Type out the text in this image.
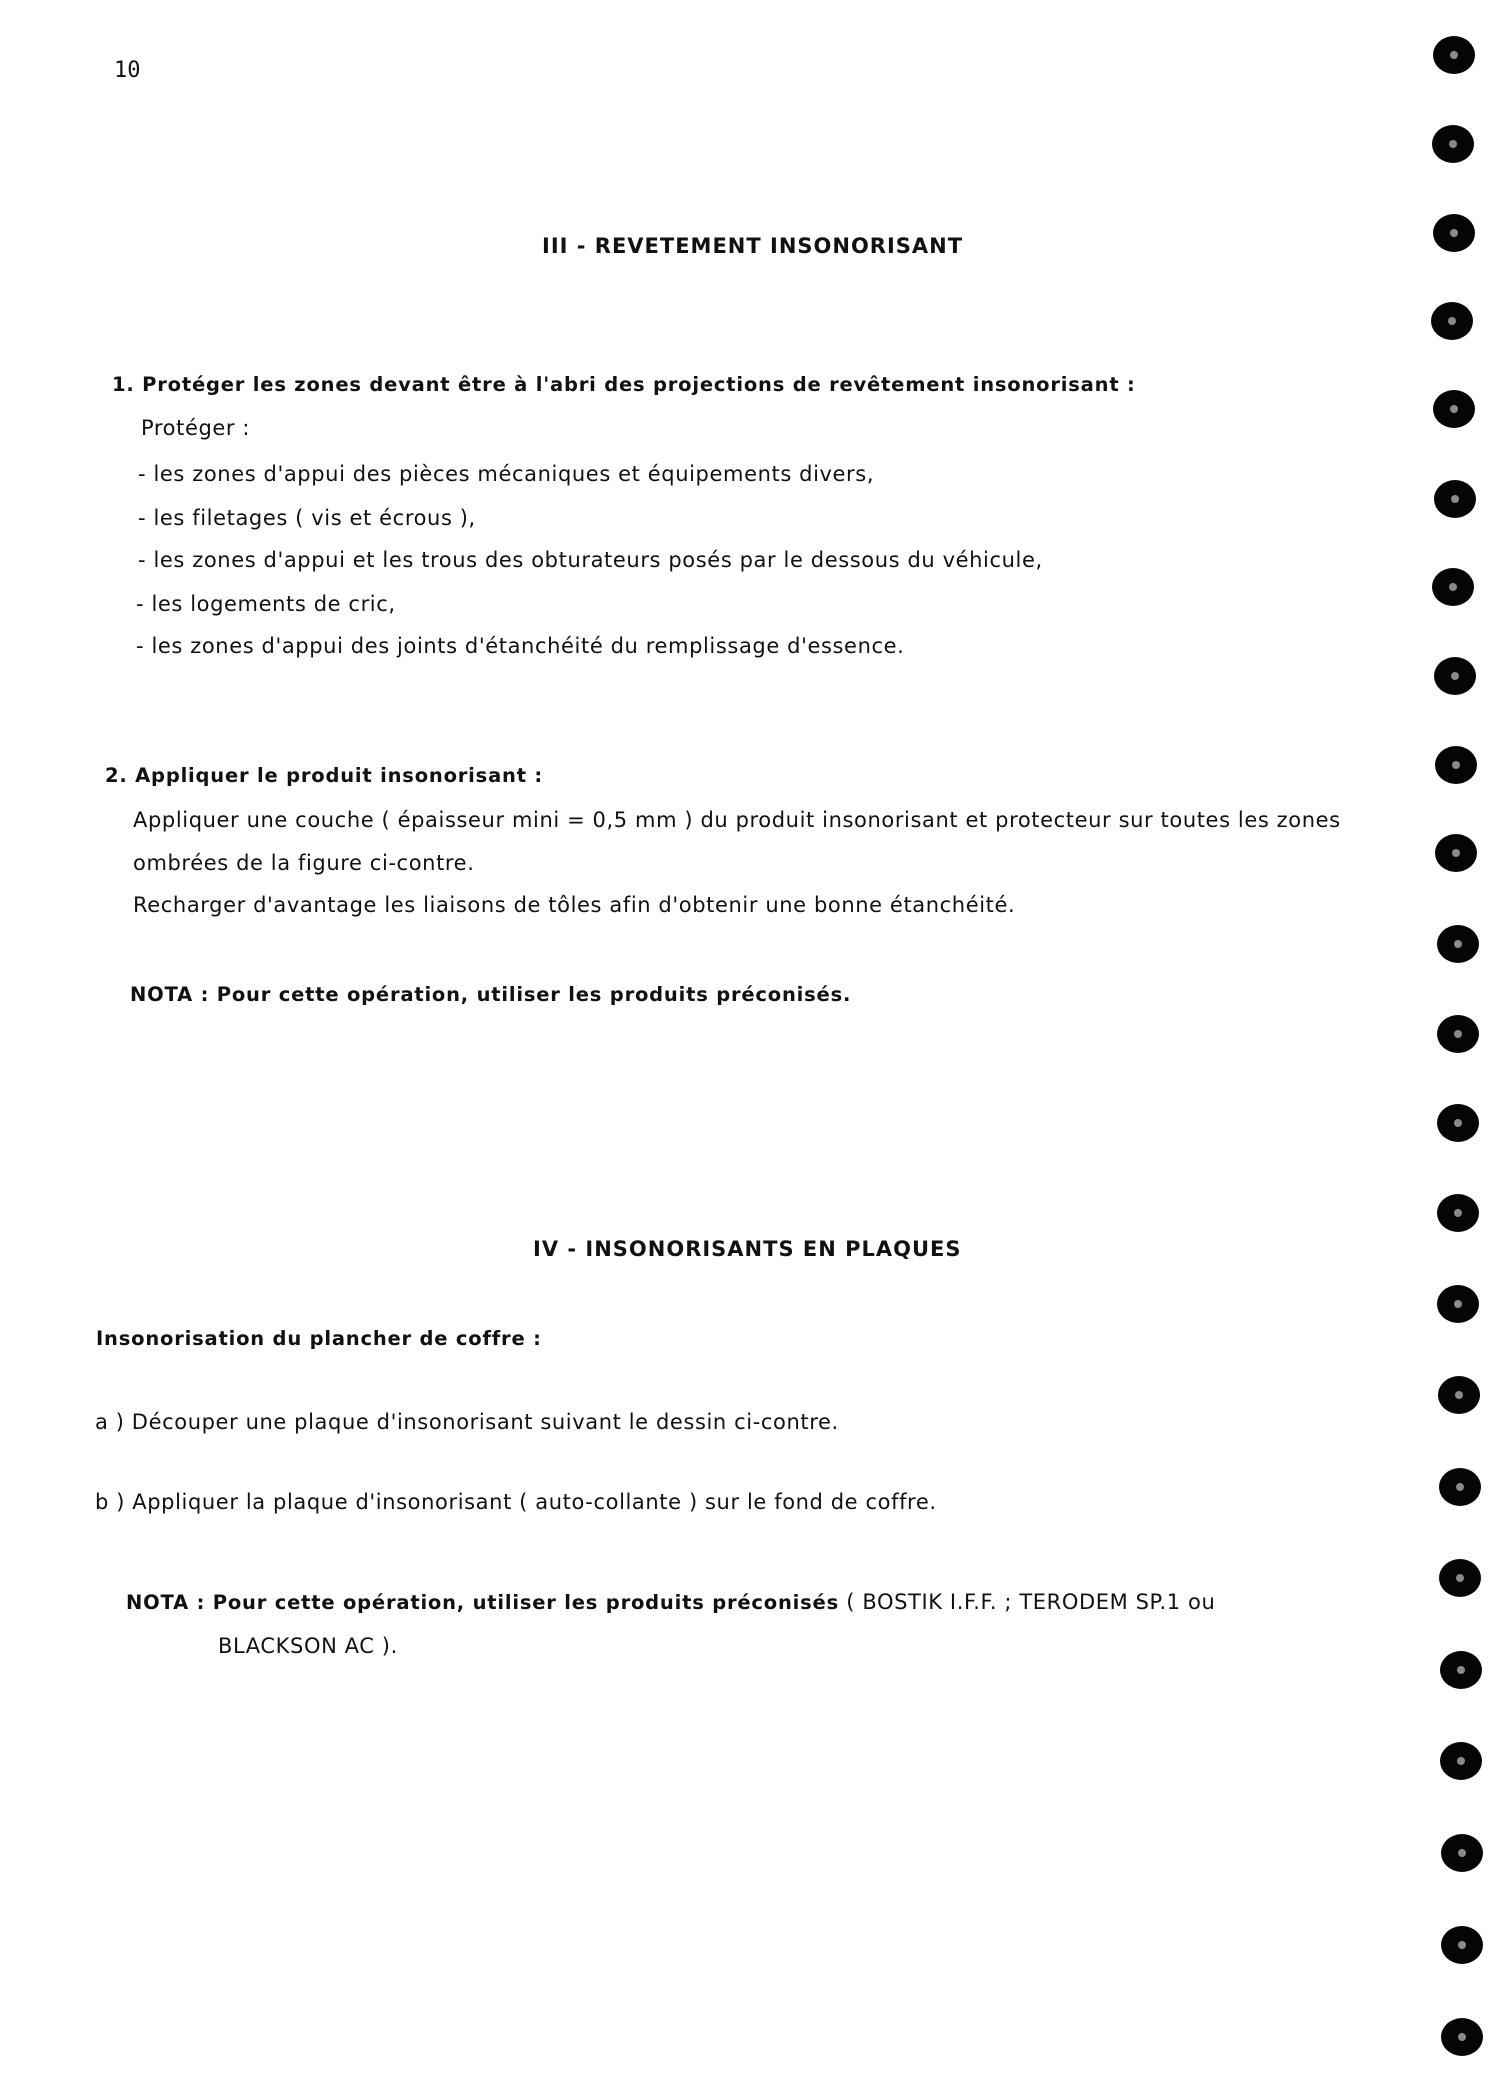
10
III - REVETEMENT INSONORISANT
1. Protéger les zones devant être à l'abri des projections de revêtement insonorisant :
Protéger :
- les zones d'appui des pièces mécaniques et équipements divers,
- les filetages ( vis et écrous ),
- les zones d'appui et les trous des obturateurs posés par le dessous du véhicule,
- les logements de cric,
- les zones d'appui des joints d'étanchéité du remplissage d'essence.
2. Appliquer le produit insonorisant :
Appliquer une couche ( épaisseur mini = 0,5 mm ) du produit insonorisant et protecteur sur toutes les zones
ombrées de la figure ci-contre.
Recharger d'avantage les liaisons de tôles afin d'obtenir une bonne étanchéité.
NOTA : Pour cette opération, utiliser les produits préconisés.
IV - INSONORISANTS EN PLAQUES
Insonorisation du plancher de coffre :
a ) Découper une plaque d'insonorisant suivant le dessin ci-contre.
b ) Appliquer la plaque d'insonorisant ( auto-collante ) sur le fond de coffre.
NOTA : Pour cette opération, utiliser les produits préconisés ( BOSTIK I.F.F. ; TERODEM SP.1 ou
BLACKSON AC ).
